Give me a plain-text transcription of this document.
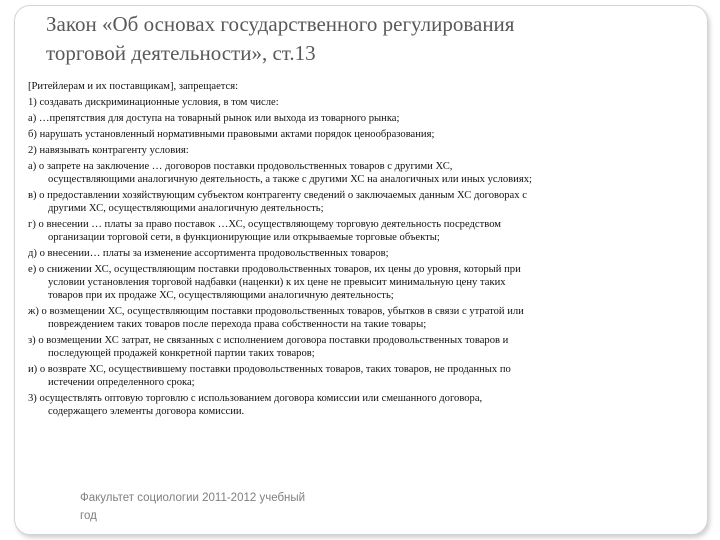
Закон «Об основах государственного регулирования
торговой деятельности», ст.13

[Ритейлерам и их поставщикам], запрещается:

1) создавать дискриминационные условия, в том числе:

а) …препятствия для доступа на товарный рынок или выхода из товарного рынка;

б) нарушать установленный нормативными правовыми актами порядок ценообразования;

2) навязывать контрагенту условия:

а) о запрете на заключение … договоров поставки продовольственных товаров с другими ХС,
осуществляющими аналогичную деятельность, а также с другими ХС на аналогичных или иных условиях;

в) о предоставлении хозяйствующим субъектом контрагенту сведений о заключаемых данным ХС договорах с
другими ХС, осуществляющими аналогичную деятельность;

г) о внесении … платы за право поставок …ХС, осуществляющему торговую деятельность посредством
организации торговой сети, в функционирующие или открываемые торговые объекты;

д) о внесении… платы за изменение ассортимента продовольственных товаров;

е) о снижении ХС, осуществляющим поставки продовольственных товаров, их цены до уровня, который при
условии установления торговой надбавки (наценки) к их цене не превысит минимальную цену таких
товаров при их продаже ХС, осуществляющими аналогичную деятельность;

ж) о возмещении ХС, осуществляющим поставки продовольственных товаров, убытков в связи с утратой или
повреждением таких товаров после перехода права собственности на такие товары;

з) о возмещении ХС затрат, не связанных с исполнением договора поставки продовольственных товаров и
последующей продажей конкретной партии таких товаров;

и) о возврате ХС, осуществившему поставки продовольственных товаров, таких товаров, не проданных по
истечении определенного срока;

3) осуществлять оптовую торговлю с использованием договора комиссии или смешанного договора,
содержащего элементы договора комиссии.

Факультет социологии 2011-2012 учебный
год
